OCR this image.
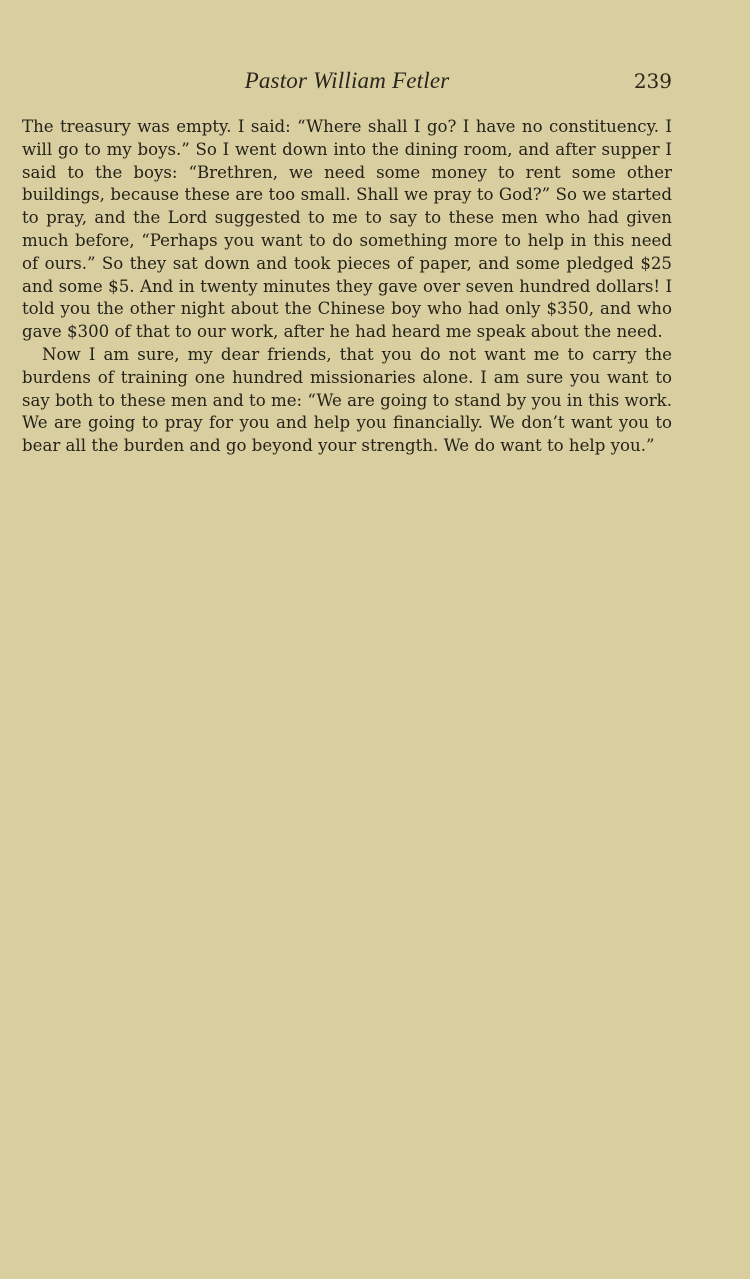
Pastor William Fetler	239

The treasury was empty. I said: “Where shall I go? I have no constituency. I will go to my boys.” So I went down into the dining room, and after supper I said to the boys: “Brethren, we need some money to rent some other buildings, because these are too small. Shall we pray to God?” So we started to pray, and the Lord suggested to me to say to these men who had given much before, “Perhaps you want to do something more to help in this need of ours.” So they sat down and took pieces of paper, and some pledged $25 and some $5. And in twenty minutes they gave over seven hundred dollars! I told you the other night about the Chinese boy who had only $350, and who gave $300 of that to our work, after he had heard me speak about the need.

Now I am sure, my dear friends, that you do not want me to carry the burdens of training one hundred missionaries alone. I am sure you want to say both to these men and to me: “We are going to stand by you in this work. We are going to pray for you and help you financially. We don’t want you to bear all the burden and go beyond your strength. We do want to help you.”
